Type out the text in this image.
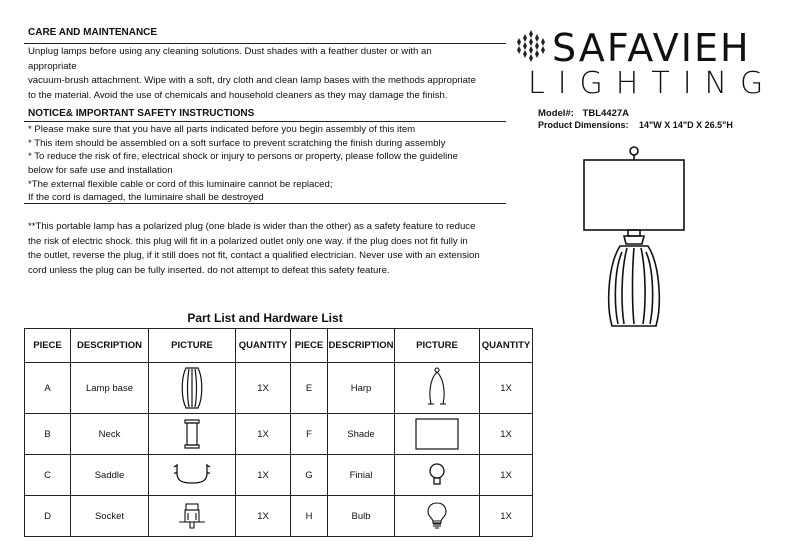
CARE AND MAINTENANCE
Unplug lamps before using any cleaning solutions. Dust shades with a feather duster or with an
appropriate
vacuum-brush attachment. Wipe with a soft, dry cloth and clean lamp bases with the methods appropriate
to the material. Avoid the use of chemicals and household cleaners as they may damage the finish.
NOTICE& IMPORTANT SAFETY INSTRUCTIONS
* Please make sure that you have all parts indicated before you begin assembly of this item
* This item should be assembled on a soft surface to prevent scratching the finish during assembly
* To reduce the risk of fire, electrical shock or injury to persons or property, please follow the guideline
below for safe use and installation
*The external flexible cable or cord of this luminaire cannot be replaced;
If the cord is damaged, the luminaire shall be destroyed
**This portable lamp has a polarized plug (one blade is wider than the other) as a safety feature to reduce
the risk of electric shock. this plug will fit in a polarized outlet only one way. if the plug does not fit fully in
the outlet, reverse the plug, if it still does not fit, contact a qualified electrician. Never use with an extension
cord unless the plug can be fully inserted. do not attempt to defeat this safety feature.
SAFAVIEH
LIGHTING
Model#: TBL4427A
Product Dimensions: 14"W X 14"D X 26.5"H
Part List and Hardware List
PIECE	DESCRIPTION	PICTURE	QUANTITY	PIECE	DESCRIPTION	PICTURE	QUANTITY
A	Lamp base		1X	E	Harp		1X
B	Neck		1X	F	Shade		1X
C	Saddle		1X	G	Finial		1X
D	Socket		1X	H	Bulb		1X
